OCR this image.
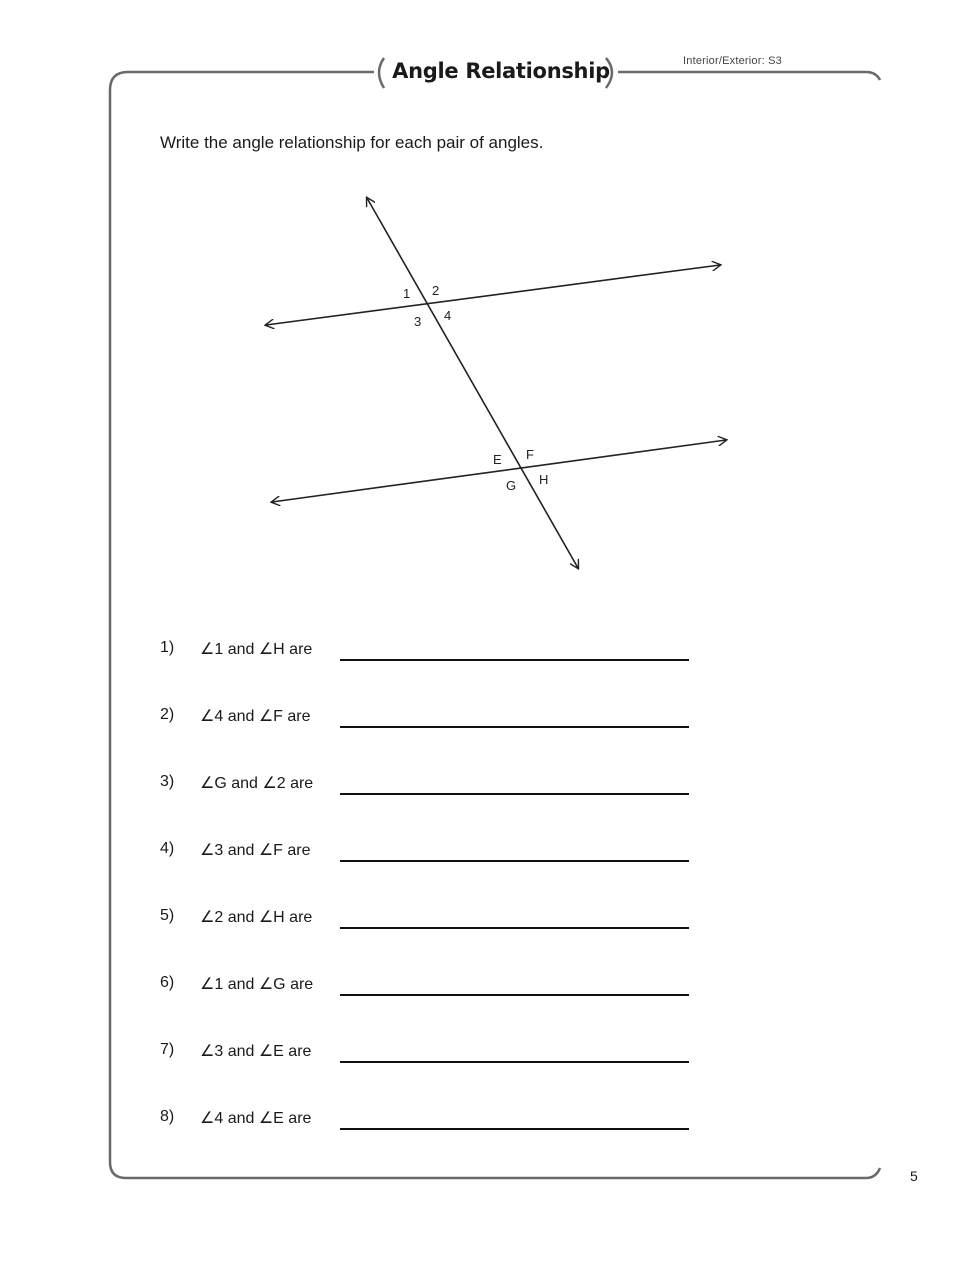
Angle Relationship	Interior/Exterior: S3
Write the angle relationship for each pair of angles.
1 2
3 4
E F
G H
1) ∠1 and ∠H are
2) ∠4 and ∠F are
3) ∠G and ∠2 are
4) ∠3 and ∠F are
5) ∠2 and ∠H are
6) ∠1 and ∠G are
7) ∠3 and ∠E are
8) ∠4 and ∠E are
5
